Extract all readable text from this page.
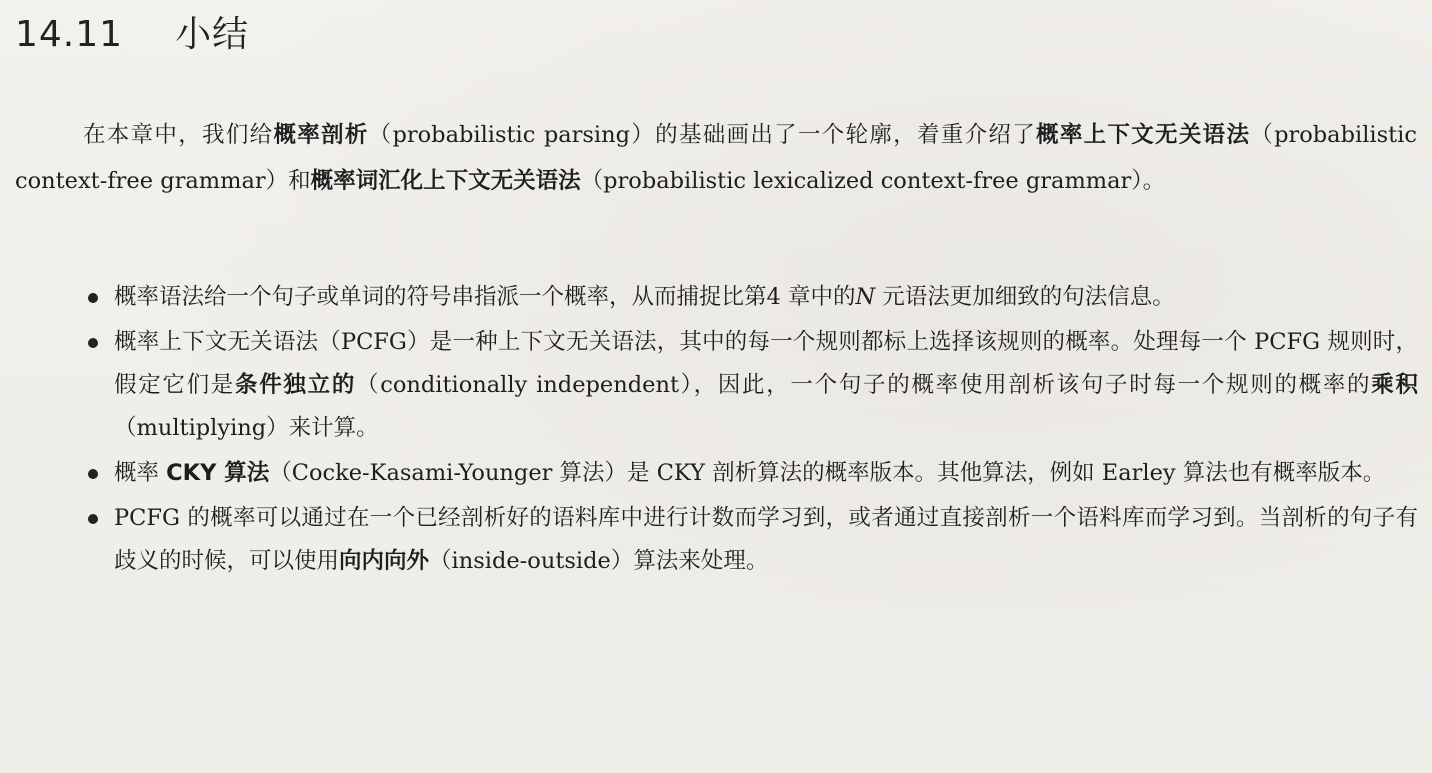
14.11 小结

在本章中，我们给概率剖析（probabilistic parsing）的基础画出了一个轮廓，着重介绍了概率上下文无关语法（probabilistic context-free grammar）和概率词汇化上下文无关语法（probabilistic lexicalized context-free grammar）。

概率语法给一个句子或单词的符号串指派一个概率，从而捕捉比第4 章中的N 元语法更加细致的句法信息。
概率上下文无关语法（PCFG）是一种上下文无关语法，其中的每一个规则都标上选择该规则的概率。处理每一个 PCFG 规则时，假定它们是条件独立的（conditionally independent），因此，一个句子的概率使用剖析该句子时每一个规则的概率的乘积（multiplying）来计算。
概率 CKY 算法（Cocke-Kasami-Younger 算法）是 CKY 剖析算法的概率版本。其他算法，例如 Earley 算法也有概率版本。
PCFG 的概率可以通过在一个已经剖析好的语料库中进行计数而学习到，或者通过直接剖析一个语料库而学习到。当剖析的句子有歧义的时候，可以使用向内向外（inside-outside）算法来处理。
